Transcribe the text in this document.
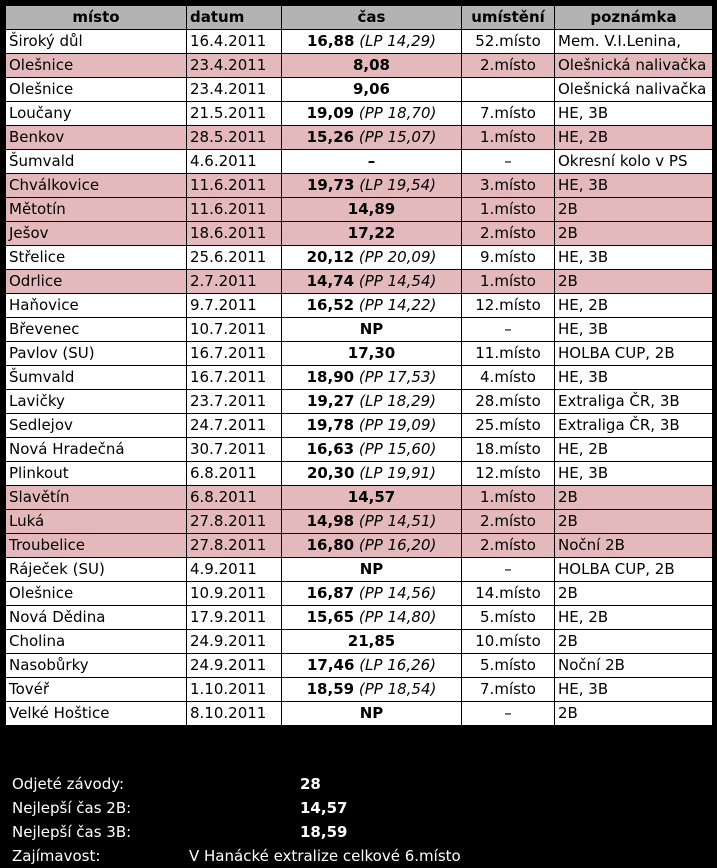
místo	datum	čas	umístění	poznámka
Široký důl	16.4.2011	16,88 (LP 14,29)	52.místo	Mem. V.I.Lenina,
Olešnice	23.4.2011	8,08	2.místo	Olešnická nalivačka
Olešnice	23.4.2011	9,06		Olešnická nalivačka
Loučany	21.5.2011	19,09 (PP 18,70)	7.místo	HE, 3B
Benkov	28.5.2011	15,26 (PP 15,07)	1.místo	HE, 2B
Šumvald	4.6.2011	–	–	Okresní kolo v PS
Chválkovice	11.6.2011	19,73 (LP 19,54)	3.místo	HE, 3B
Mětotín	11.6.2011	14,89	1.místo	2B
Ješov	18.6.2011	17,22	2.místo	2B
Střelice	25.6.2011	20,12 (PP 20,09)	9.místo	HE, 3B
Odrlice	2.7.2011	14,74 (PP 14,54)	1.místo	2B
Haňovice	9.7.2011	16,52 (PP 14,22)	12.místo	HE, 2B
Břevenec	10.7.2011	NP	–	HE, 3B
Pavlov (SU)	16.7.2011	17,30	11.místo	HOLBA CUP, 2B
Šumvald	16.7.2011	18,90 (PP 17,53)	4.místo	HE, 3B
Lavičky	23.7.2011	19,27 (LP 18,29)	28.místo	Extraliga ČR, 3B
Sedlejov	24.7.2011	19,78 (PP 19,09)	25.místo	Extraliga ČR, 3B
Nová Hradečná	30.7.2011	16,63 (PP 15,60)	18.místo	HE, 2B
Plinkout	6.8.2011	20,30 (LP 19,91)	12.místo	HE, 3B
Slavětín	6.8.2011	14,57	1.místo	2B
Luká	27.8.2011	14,98 (PP 14,51)	2.místo	2B
Troubelice	27.8.2011	16,80 (PP 16,20)	2.místo	Noční 2B
Ráječek (SU)	4.9.2011	NP	–	HOLBA CUP, 2B
Olešnice	10.9.2011	16,87 (PP 14,56)	14.místo	2B
Nová Dědina	17.9.2011	15,65 (PP 14,80)	5.místo	HE, 2B
Cholina	24.9.2011	21,85	10.místo	2B
Nasobůrky	24.9.2011	17,46 (LP 16,26)	5.místo	Noční 2B
Tovéř	1.10.2011	18,59 (PP 18,54)	7.místo	HE, 3B
Velké Hoštice	8.10.2011	NP	–	2B
Odjeté závody:	28
Nejlepší čas 2B:	14,57
Nejlepší čas 3B:	18,59
Zajímavost:	V Hanácké extralize celkové 6.místo
